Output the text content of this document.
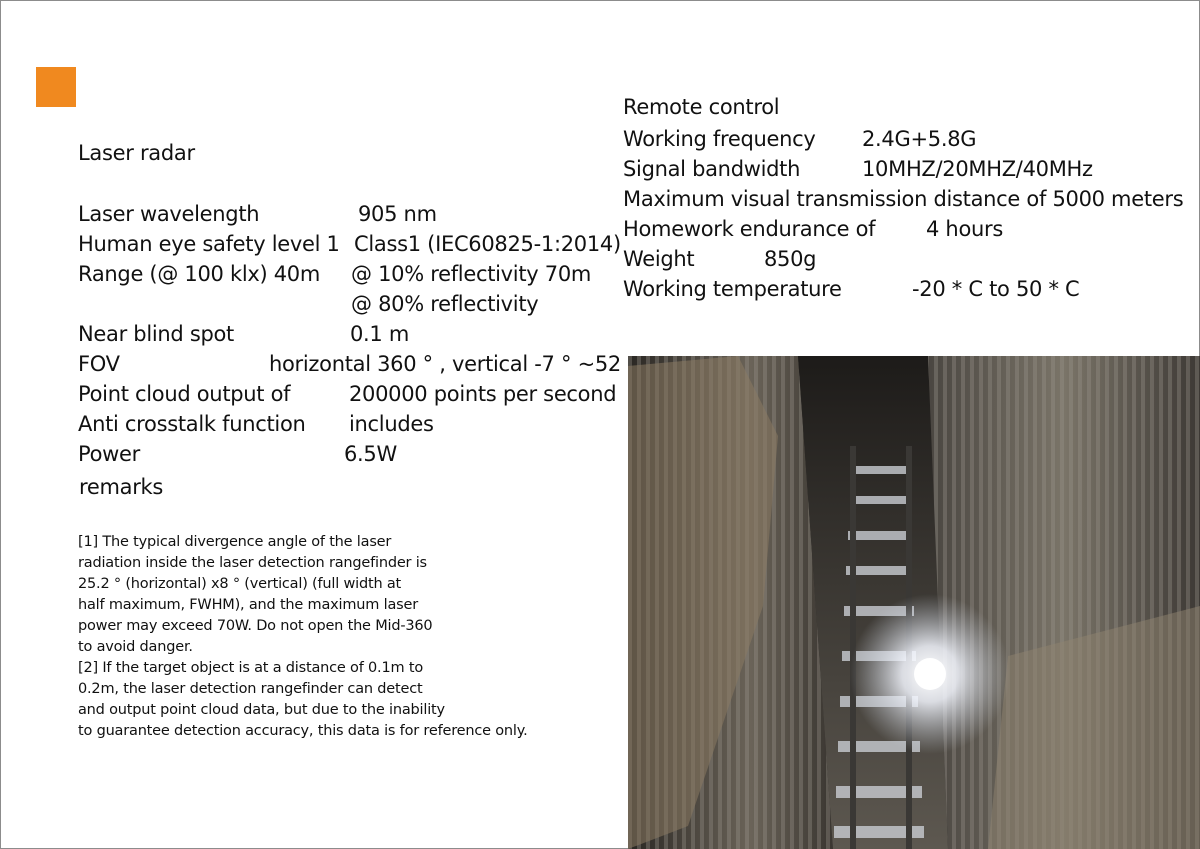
Laser radar
Laser wavelength	905 nm
Human eye safety level 1 Class1 (IEC60825-1:2014)
Range (@ 100 klx) 40m @ 10% reflectivity 70m
@ 80% reflectivity
Near blind spot	0.1 m
FOV	horizontal 360 ° , vertical -7 ° ~52
Point cloud output of	200000 points per second
Anti crosstalk function includes
Power	6.5W
remarks

[1] The typical divergence angle of the laser

radiation inside the laser detection rangefinder is

25.2 ° (horizontal) x8 ° (vertical) (full width at

half maximum, FWHM), and the maximum laser

power may exceed 70W. Do not open the Mid-360

to avoid danger.

[2] If the target object is at a distance of 0.1m to

0.2m, the laser detection rangefinder can detect

and output point cloud data, but due to the inability

to guarantee detection accuracy, this data is for reference only.

Remote control
Working frequency 2.4G+5.8G
Signal bandwidth	10MHZ/20MHZ/40MHz
Maximum visual transmission distance of 5000 meters
Homework endurance of 4 hours
Weight	850g
Working temperature	-20 * C to 50 * C
